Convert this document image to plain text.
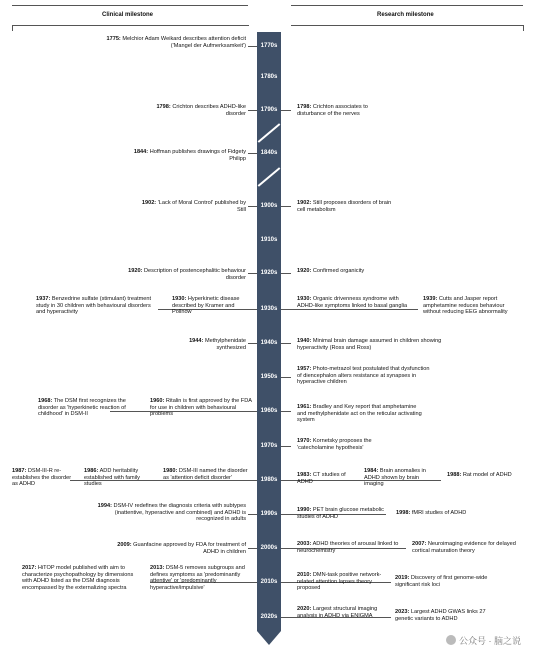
Clinical milestone	Research milestone
1770s
1780s
1790s
1840s
1900s
1910s
1920s
1930s
1940s
1950s
1960s
1970s
1980s
1990s
2000s
2010s
2020s
1775: Melchior Adam Weikard describes attention deficit ('Mangel der Aufmerksamkeit')
1798: Crichton describes ADHD-like disorder
1844: Hoffman publishes drawings of Fidgety Philipp
1902: 'Lack of Moral Control' published by Still
1920: Description of postencephalitic behaviour disorder
1937: Benzedrine sulfate (stimulant) treatment study in 30 children with behavioural disorders and hyperactivity
1930: Hyperkinetic disease described by Kramer and Pollnow
1944: Methylphenidate synthesized
1968: The DSM first recognizes the disorder as 'hyperkinetic reaction of childhood' in DSM-II
1960: Ritalin is first approved by the FDA for use in children with behavioural problems
1987: DSM-III-R re-establishes the disorder as ADHD
1986: ADD heritability established with family studies
1980: DSM-III named the disorder as 'attention deficit disorder'
1994: DSM-IV redefines the diagnosis criteria with subtypes (inattentive, hyperactive and combined) and ADHD is recognized in adults
2009: Guanfacine approved by FDA for treatment of ADHD in children
2017: HiTOP model published with aim to characterize psychopathology by dimensions with ADHD listed as the DSM diagnosis encompassed by the externalizing spectra
2013: DSM-5 removes subgroups and defines symptoms as 'predominantly attentive' or 'predominantly hyperactive/impulsive'
1798: Crichton associates to disturbance of the nerves
1902: Still proposes disorders of brain cell metabolism
1920: Confirmed organicity
1930: Organic drivenness syndrome with ADHD-like symptoms linked to basal ganglia
1939: Cutts and Jasper report amphetamine reduces behaviour without reducing EEG abnormality
1940: Minimal brain damage assumed in children showing hyperactivity (Ross and Ross)
1957: Photo-metrazol test postulated that dysfunction of diencephalon alters resistance at synapses in hyperactive children
1961: Bradley and Key report that amphetamine and methylphenidate act on the reticular activating system
1970: Kornetsky proposes the 'catecholamine hypothesis'
1983: CT studies of ADHD
1984: Brain anomalies in ADHD shown by brain imaging
1988: Rat model of ADHD
1990: PET brain glucose metabolic studies of ADHD
1998: fMRI studies of ADHD
2003: ADHD theories of arousal linked to neurochemistry
2007: Neuroimaging evidence for delayed cortical maturation theory
2010: DMN-task positive network-related attention lapses theory proposed
2019: Discovery of first genome-wide significant risk loci
2020: Largest structural imaging analysis in ADHD via ENIGMA
2023: Largest ADHD GWAS links 27 genetic variants to ADHD
公众号 · 脑之说
